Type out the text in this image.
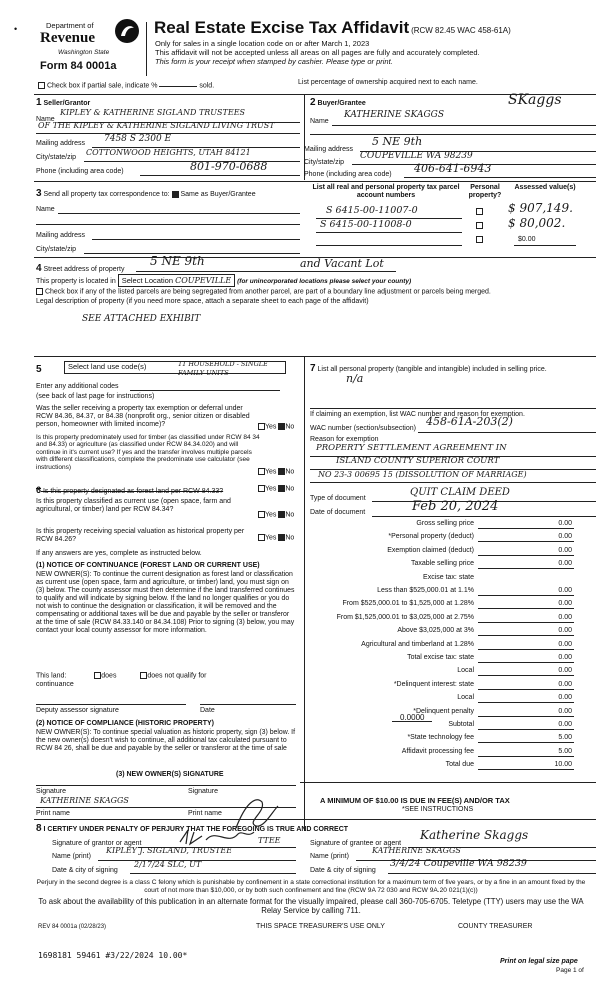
•	Department of
Revenue
Washington State
Form 84 0001a
Real Estate Excise Tax Affidavit (RCW 82.45 WAC 458-61A)
Only for sales in a single location code on or after March 1, 2023
This affidavit will not be accepted unless all areas on all pages are fully and accurately completed.
This form is your receipt when stamped by cashier. Please type or print.
Check box if partial sale, indicate %	sold.	List percentage of ownership acquired next to each name.
1 Seller/Grantor
Name
KIPLEY & KATHERINE SIGLAND TRUSTEES
OF THE KIPLEY & KATHERINE SIGLAND LIVING TRUST
Mailing address 7458 S 2300 E
City/state/zip
COTTONWOOD HEIGHTS, UTAH 84121
Phone (including area code)	801-970-0688
2 Buyer/Grantee	SKaggs
Name
KATHERINE SKAGGS
Mailing address
5 NE 9th
City/state/zip
COUPEVILLE WA 98239
Phone (including area code) 406-641-6943
3 Send all property tax correspondence to: Same as Buyer/Grantee
Name
Mailing address
City/state/zip
List all real and personal property tax parcel account numbers
Personal property?
Assessed value(s)
S 6415-00-11007-0	$ 907,149.
S 6415-00-11008-0	$ 80,002.
$0.00
4 Street address of property
5 NE 9th	and Vacant Lot
This property is located in Select Location COUPEVILLE (for unincorporated locations please select your county)
Check box if any of the listed parcels are being segregated from another parcel, are part of a boundary line adjustment or parcels being merged.
Legal description of property (if you need more space, attach a separate sheet to each page of the affidavit)
SEE ATTACHED EXHIBIT
5	Select land use code(s)	11 HOUSEHOLD - SINGLE FAMILY UNITS
Enter any additional codes
(see back of last page for instructions)
Was the seller receiving a property tax exemption or deferral under RCW 84.36, 84.37, or 84.38 (nonprofit org., senior citizen or disabled person, homeowner with limited income)?	Yes No
Is this property predominately used for timber (as classified under RCW 84 34 and 84.33) or agriculture (as classified under RCW 84.34.020) and will continue in it's current use? If yes and the transfer involves multiple parcels with different classifications, complete the predominate use calculator (see instructions)
Yes No
6 Is this property designated as forest land per RCW 84.33?	Yes No
Is this property classified as current use (open space, farm and agricultural, or timber) land per RCW 84.34?
Yes No
Is this property receiving special valuation as historical property per RCW 84.26?	Yes No
If any answers are yes, complete as instructed below.
(1) NOTICE OF CONTINUANCE (FOREST LAND OR CURRENT USE)
NEW OWNER(S): To continue the current designation as forest land or classification as current use (open space, farm and agriculture, or timber) land, you must sign on (3) below. The county assessor must then determine if the land transferred continues to qualify and will indicate by signing below. If the land no longer qualifies or you do not wish to continue the designation or classification, it will be removed and the compensating or additional taxes will be due and payable by the seller or transferor at the time of sale (RCW 84.33.140 or 84.34.108) Prior to signing (3) below, you may contact your local county assessor for more information.
This land:	does	does not qualify for
continuance
Deputy assessor signature	Date
(2) NOTICE OF COMPLIANCE (HISTORIC PROPERTY)
NEW OWNER(S): To continue special valuation as historic property, sign (3) below. If the new owner(s) doesn't wish to continue, all additional tax calculated pursuant to RCW 84 26, shall be due and payable by the seller or transferor at the time of sale
(3) NEW OWNER(S) SIGNATURE
Signature	Signature
KATHERINE SKAGGS
Print name	Print name
7 List all personal property (tangible and intangible) included in selling price.
n/a
If claiming an exemption, list WAC number and reason for exemption.
WAC number (section/subsection)
458-61A-203(2)
Reason for exemption
PROPERTY SETTLEMENT AGREEMENT IN
ISLAND COUNTY SUPERIOR COURT
NO 23-3 00695 15 (DISSOLUTION OF MARRIAGE)
Type of document
QUIT CLAIM DEED
Date of document	Feb 20, 2024
Gross selling price	0.00
*Personal property (deduct)	0.00
Exemption claimed (deduct)	0.00
Taxable selling price	0.00
Excise tax: state
Less than $525,000.01 at 1.1%	0.00
From $525,000.01 to $1,525,000 at 1.28%	0.00
From $1,525,000.01 to $3,025,000 at 2.75%	0.00
Above $3,025,000 at 3%	0.00
Agricultural and timberland at 1.28%	0.00
Total excise tax: state	0.00
Local	0.00
*Delinquent interest: state	0.00
Local	0.00
*Delinquent penalty	0.00
Subtotal	0.00
*State technology fee	5.00
Affidavit processing fee	5.00
Total due	10.00
0.0000
A MINIMUM OF $10.00 IS DUE IN FEE(S) AND/OR TAX
*SEE INSTRUCTIONS
8 I CERTIFY UNDER PENALTY OF PERJURY THAT THE FOREGOING IS TRUE AND CORRECT
Signature of grantor or agent	TTEE
Name (print)
KIPLEY J. SIGLAND, TRUSTEE
Date & city of signing
2/17/24 SLC, UT
Signature of grantee or agent
Katherine Skaggs
Name (print)
KATHERINE SKAGGS
Date & city of signing
3/4/24 Coupeville WA 98239
Perjury in the second degree is a class C felony which is punishable by confinement in a state correctional institution for a maximum term of five years, or by a fine in an amount fixed by the court of not more than $10,000, or by both such confinement and fine (RCW 9A 72 030 and RCW 9A.20 021(1)(c))
To ask about the availability of this publication in an alternate format for the visually impaired, please call 360-705-6705. Teletype (TTY) users may use the WA Relay Service by calling 711.
REV 84 0001a (02/28/23)	THIS SPACE TREASURER'S USE ONLY	COUNTY TREASURER
1698181 59461 #3/22/2024 10.00*
Print on legal size pape
Page 1 of
